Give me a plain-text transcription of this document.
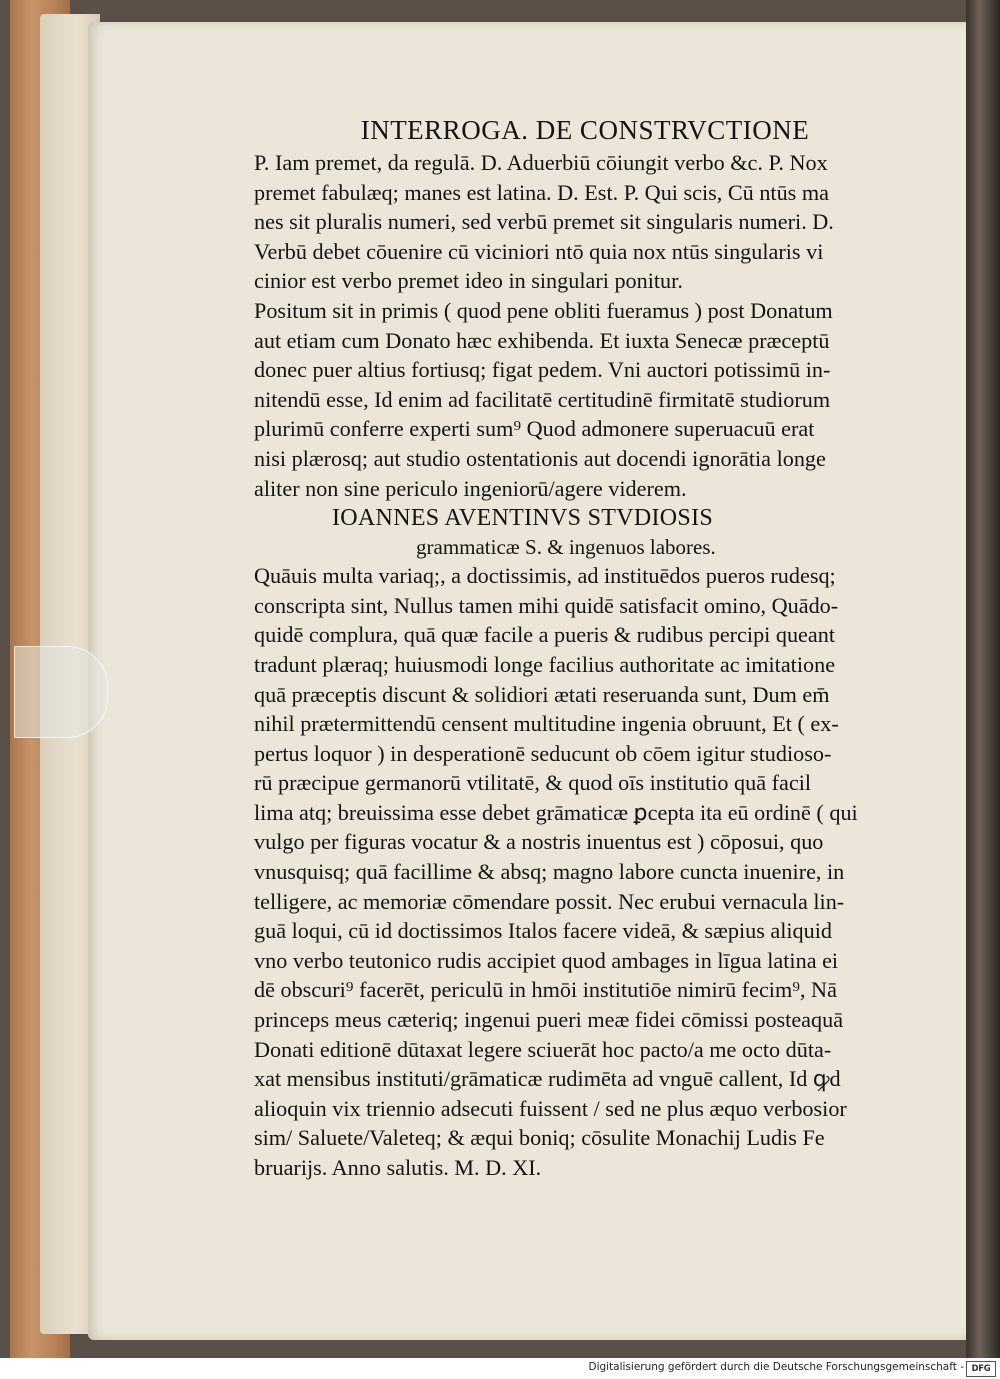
INTERROGA. DE CONSTRVCTIONE
P. Iam premet, da regulā. D. Aduerbiū cōiungit verbo &c. P. Nox
premet fabulæq; manes est latina. D. Est. P. Qui scis, Cū ntūs ma
nes sit pluralis numeri, sed verbū premet sit singularis numeri. D.
Verbū debet cōuenire cū viciniori ntō quia nox ntūs singularis vi
cinior est verbo premet ideo in singulari ponitur.
Positum sit in primis ( quod pene obliti fueramus ) post Donatum
aut etiam cum Donato hæc exhibenda. Et iuxta Senecæ præceptū
donec puer altius fortiusq; figat pedem. Vni auctori potissimū in-
nitendū esse, Id enim ad facilitatē certitudinē firmitatē studiorum
plurimū conferre experti sum⁹ Quod admonere superuacuū erat
nisi plærosq; aut studio ostentationis aut docendi ignorātia longe
aliter non sine periculo ingeniorū/agere viderem.
IOANNES AVENTINVS STVDIOSIS
grammaticæ S. & ingenuos labores.
Quāuis multa variaq;, a doctissimis, ad instituēdos pueros rudesq;
conscripta sint, Nullus tamen mihi quidē satisfacit omino, Quādo-
quidē complura, quā quæ facile a pueris & rudibus percipi queant
tradunt plæraq; huiusmodi longe facilius authoritate ac imitatione
quā præceptis discunt & solidiori ætati reseruanda sunt, Dum em̄
nihil prætermittendū censent multitudine ingenia obruunt, Et ( ex-
pertus loquor ) in desperationē seducunt ob cōem igitur studioso-
rū præcipue germanorū vtilitatē, & quod oīs institutio quā facil
lima atq; breuissima esse debet grāmaticæ ꝑcepta ita eū ordinē ( qui
vulgo per figuras vocatur & a nostris inuentus est ) cōposui, quo
vnusquisq; quā facillime & absq; magno labore cuncta inuenire, in
telligere, ac memoriæ cōmendare possit. Nec erubui vernacula lin-
guā loqui, cū id doctissimos Italos facere videā, & sæpius aliquid
vno verbo teutonico rudis accipiet quod ambages in līgua latina ei
dē obscuri⁹ facerēt, periculū in hmōi institutiōe nimirū fecim⁹, Nā
princeps meus cæteriq; ingenui pueri meæ fidei cōmissi posteaquā
Donati editionē dūtaxat legere sciuerāt hoc pacto/a me octo dūta-
xat mensibus instituti/grāmaticæ rudimēta ad vnguē callent, Id ꝙd
alioquin vix triennio adsecuti fuissent / sed ne plus æquo verbosior
sim/ Saluete/Valeteq; & æqui boniq; cōsulite Monachij Ludis Fe
bruarijs. Anno salutis. M. D. XI.
Digitalisierung gefördert durch die Deutsche Forschungsgemeinschaft - DFG
